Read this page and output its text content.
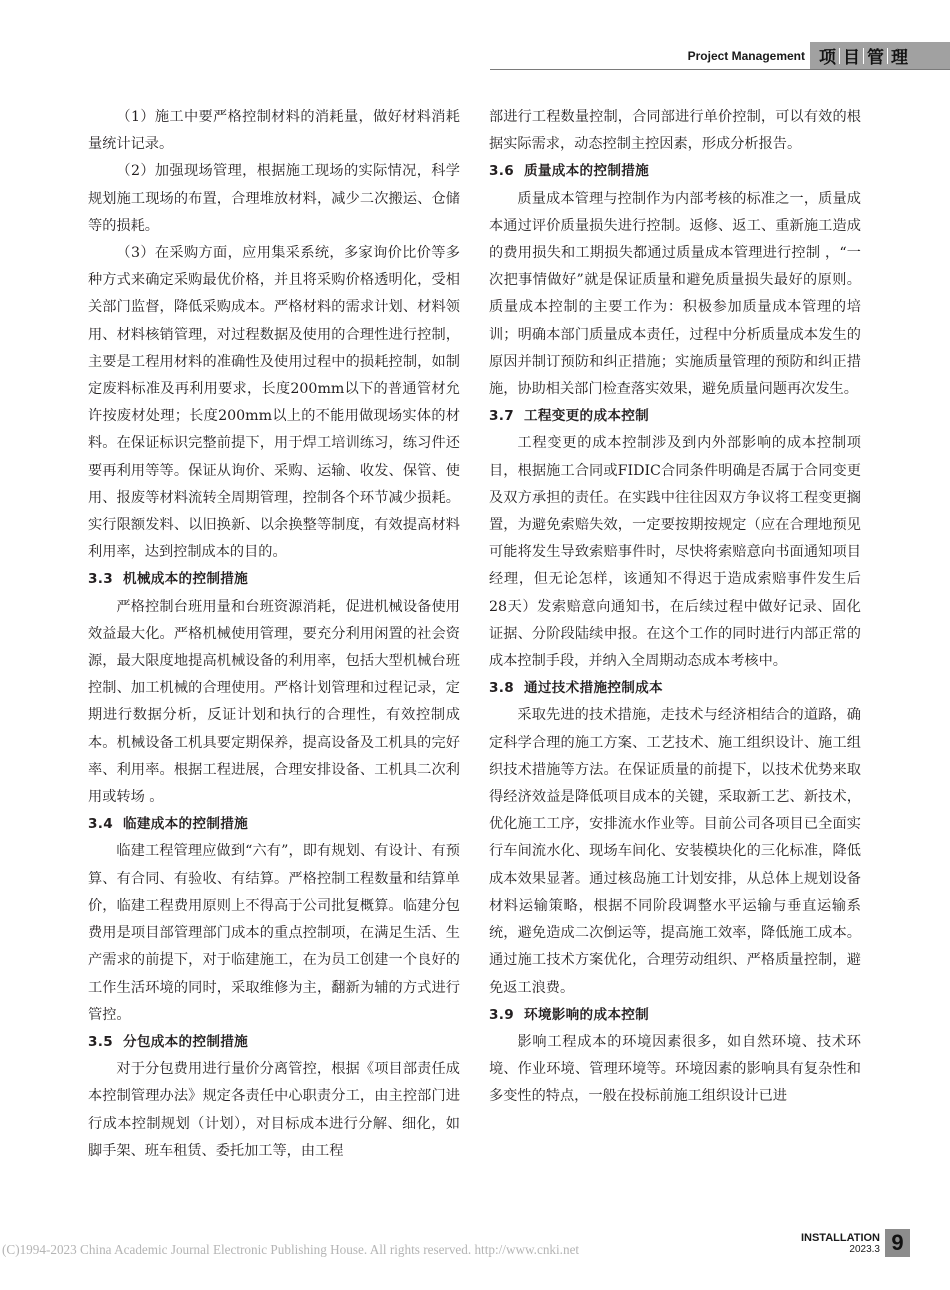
Project Management 项 目 管 理

（1）施工中要严格控制材料的消耗量，做好材料消耗量统计记录。

（2）加强现场管理，根据施工现场的实际情况，科学规划施工现场的布置，合理堆放材料，减少二次搬运、仓储等的损耗。

（3）在采购方面，应用集采系统，多家询价比价等多种方式来确定采购最优价格，并且将采购价格透明化，受相关部门监督，降低采购成本。严格材料的需求计划、材料领用、材料核销管理，对过程数据及使用的合理性进行控制，主要是工程用材料的准确性及使用过程中的损耗控制，如制定废料标准及再利用要求，长度200mm以下的普通管材允许按废材处理；长度200mm以上的不能用做现场实体的材料。在保证标识完整前提下，用于焊工培训练习，练习件还要再利用等等。保证从询价、采购、运输、收发、保管、使用、报废等材料流转全周期管理，控制各个环节减少损耗。实行限额发料、以旧换新、以余换整等制度，有效提高材料利用率，达到控制成本的目的。

3.3 机械成本的控制措施

严格控制台班用量和台班资源消耗，促进机械设备使用效益最大化。严格机械使用管理，要充分利用闲置的社会资源，最大限度地提高机械设备的利用率，包括大型机械台班控制、加工机械的合理使用。严格计划管理和过程记录，定期进行数据分析，反证计划和执行的合理性，有效控制成本。机械设备工机具要定期保养，提高设备及工机具的完好率、利用率。根据工程进展，合理安排设备、工机具二次利用或转场 。

3.4 临建成本的控制措施

临建工程管理应做到“六有”，即有规划、有设计、有预算、有合同、有验收、有结算。严格控制工程数量和结算单价，临建工程费用原则上不得高于公司批复概算。临建分包费用是项目部管理部门成本的重点控制项，在满足生活、生产需求的前提下，对于临建施工，在为员工创建一个良好的工作生活环境的同时，采取维修为主，翻新为辅的方式进行管控。

3.5 分包成本的控制措施

对于分包费用进行量价分离管控，根据《项目部责任成本控制管理办法》规定各责任中心职责分工，由主控部门进行成本控制规划（计划），对目标成本进行分解、细化，如脚手架、班车租赁、委托加工等，由工程

部进行工程数量控制，合同部进行单价控制，可以有效的根据实际需求，动态控制主控因素，形成分析报告。

3.6 质量成本的控制措施

质量成本管理与控制作为内部考核的标准之一，质量成本通过评价质量损失进行控制。返修、返工、重新施工造成的费用损失和工期损失都通过质量成本管理进行控制 ，“一次把事情做好”就是保证质量和避免质量损失最好的原则。质量成本控制的主要工作为：积极参加质量成本管理的培训；明确本部门质量成本责任，过程中分析质量成本发生的原因并制订预防和纠正措施；实施质量管理的预防和纠正措施，协助相关部门检查落实效果，避免质量问题再次发生。

3.7 工程变更的成本控制

工程变更的成本控制涉及到内外部影响的成本控制项目，根据施工合同或FIDIC合同条件明确是否属于合同变更及双方承担的责任。在实践中往往因双方争议将工程变更搁置，为避免索赔失效，一定要按期按规定（应在合理地预见可能将发生导致索赔事件时，尽快将索赔意向书面通知项目经理，但无论怎样，该通知不得迟于造成索赔事件发生后28天）发索赔意向通知书，在后续过程中做好记录、固化证据、分阶段陆续申报。在这个工作的同时进行内部正常的成本控制手段，并纳入全周期动态成本考核中。

3.8 通过技术措施控制成本

采取先进的技术措施，走技术与经济相结合的道路，确定科学合理的施工方案、工艺技术、施工组织设计、施工组织技术措施等方法。在保证质量的前提下，以技术优势来取得经济效益是降低项目成本的关键，采取新工艺、新技术，优化施工工序，安排流水作业等。目前公司各项目已全面实行车间流水化、现场车间化、安装模块化的三化标准，降低成本效果显著。通过核岛施工计划安排，从总体上规划设备材料运输策略，根据不同阶段调整水平运输与垂直运输系统，避免造成二次倒运等，提高施工效率，降低施工成本。通过施工技术方案优化，合理劳动组织、严格质量控制，避免返工浪费。

3.9 环境影响的成本控制

影响工程成本的环境因素很多，如自然环境、技术环境、作业环境、管理环境等。环境因素的影响具有复杂性和多变性的特点，一般在投标前施工组织设计已进

(C)1994-2023 China Academic Journal Electronic Publishing House. All rights reserved. http://www.cnki.net
INSTALLATION
2023.3 9
